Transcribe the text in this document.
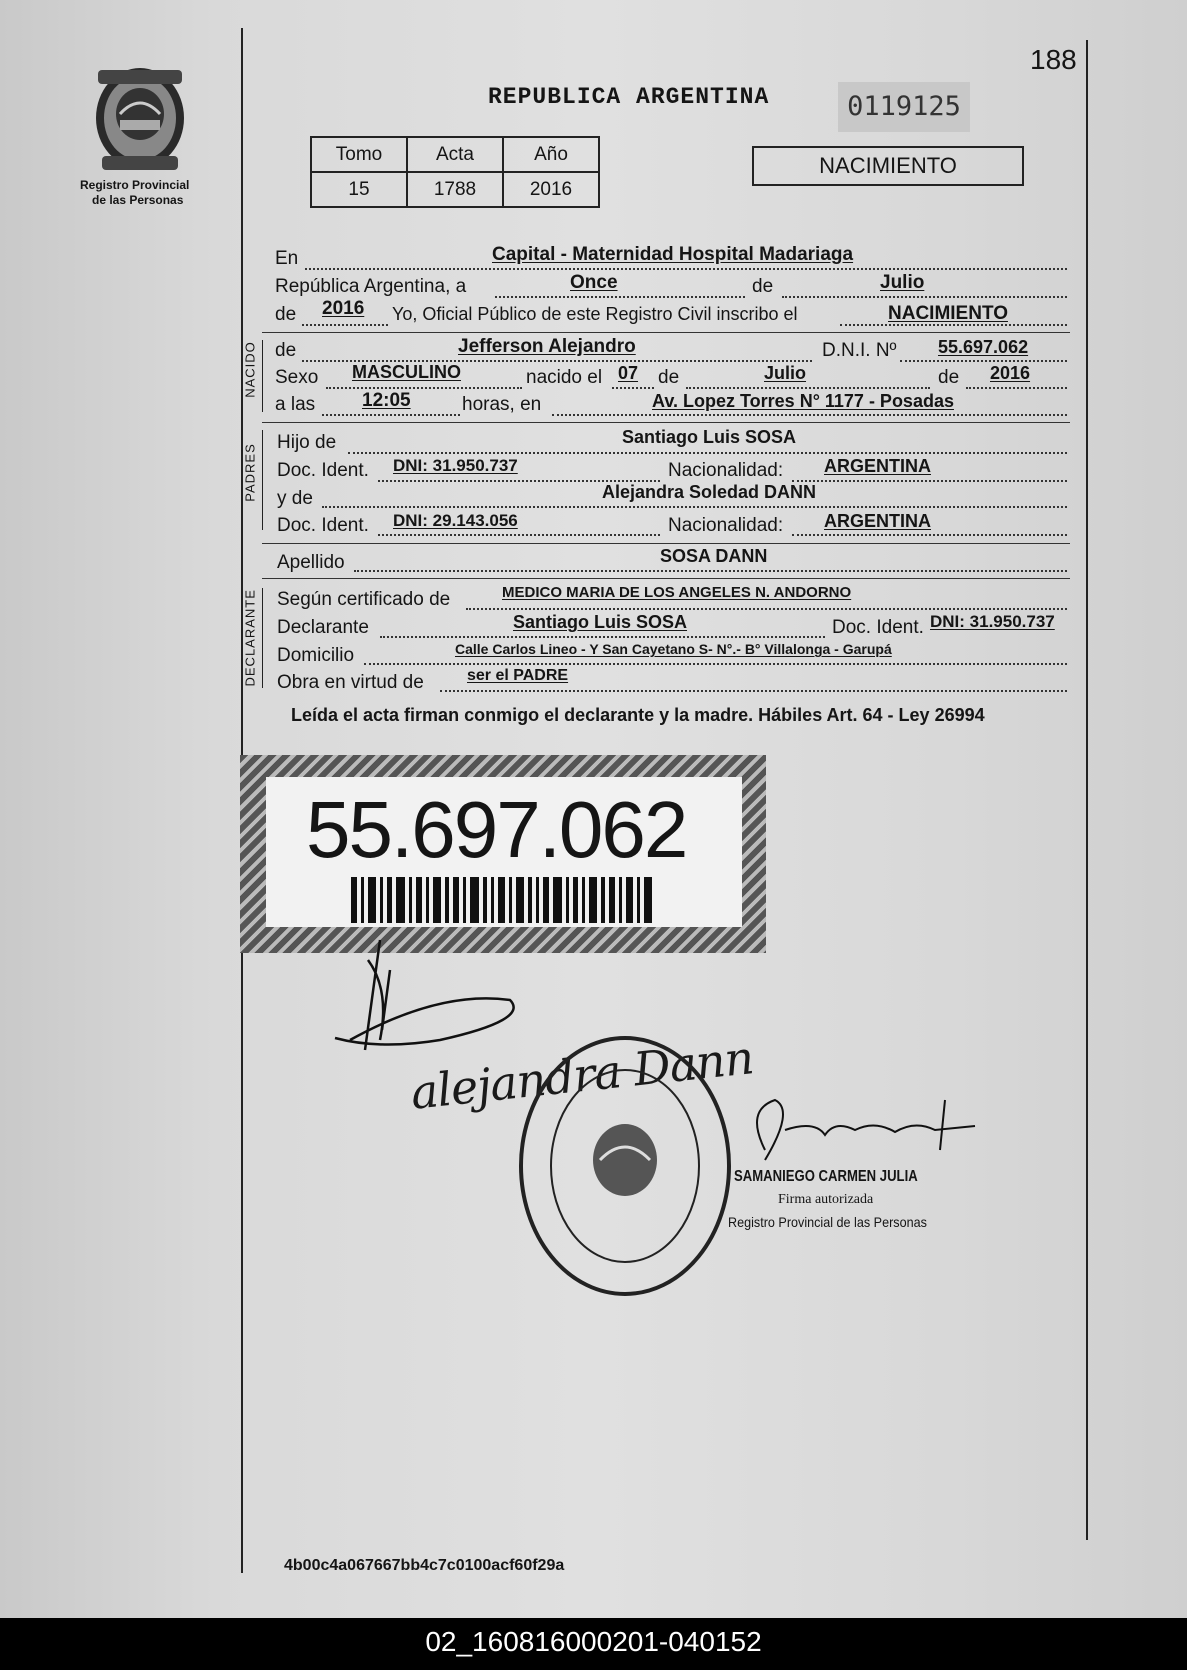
188
Registro Provincial
de las Personas
REPUBLICA ARGENTINA	0119125
Tomo	Acta	Año
15	1788	2016
NACIMIENTO
En	Capital - Maternidad Hospital Madariaga
República Argentina, a	Once	de	Julio
de 2016 Yo, Oficial Público de este Registro Civil inscribo el	NACIMIENTO
NACIDO de	Jefferson Alejandro	D.N.I. Nº 55.697.062
Sexo MASCULINO	nacido el 07 de	Julio	de 2016
a las 12:05	horas, en	Av. Lopez Torres N° 1177 - Posadas
PADRES
Hijo de	Santiago Luis SOSA
Doc. Ident. DNI: 31.950.737	Nacionalidad: ARGENTINA
y de	Alejandra Soledad DANN
Doc. Ident. DNI: 29.143.056	Nacionalidad: ARGENTINA
Apellido	SOSA DANN
DECLARANTE Según certificado de	MEDICO MARIA DE LOS ANGELES N. ANDORNO
Declarante	Santiago Luis SOSA	Doc. Ident. DNI: 31.950.737
Domicilio	Calle Carlos Lineo - Y San Cayetano S- N°.- B° Villalonga - Garupá
Obra en virtud de	ser el PADRE
Leída el acta firman conmigo el declarante y la madre. Hábiles Art. 64 - Ley 26994
55.697.062
alejandra Dann
SAMANIEGO CARMEN JULIA
Firma autorizada
Registro Provincial de las Personas
4b00c4a067667bb4c7c0100acf60f29a
02_160816000201-040152
